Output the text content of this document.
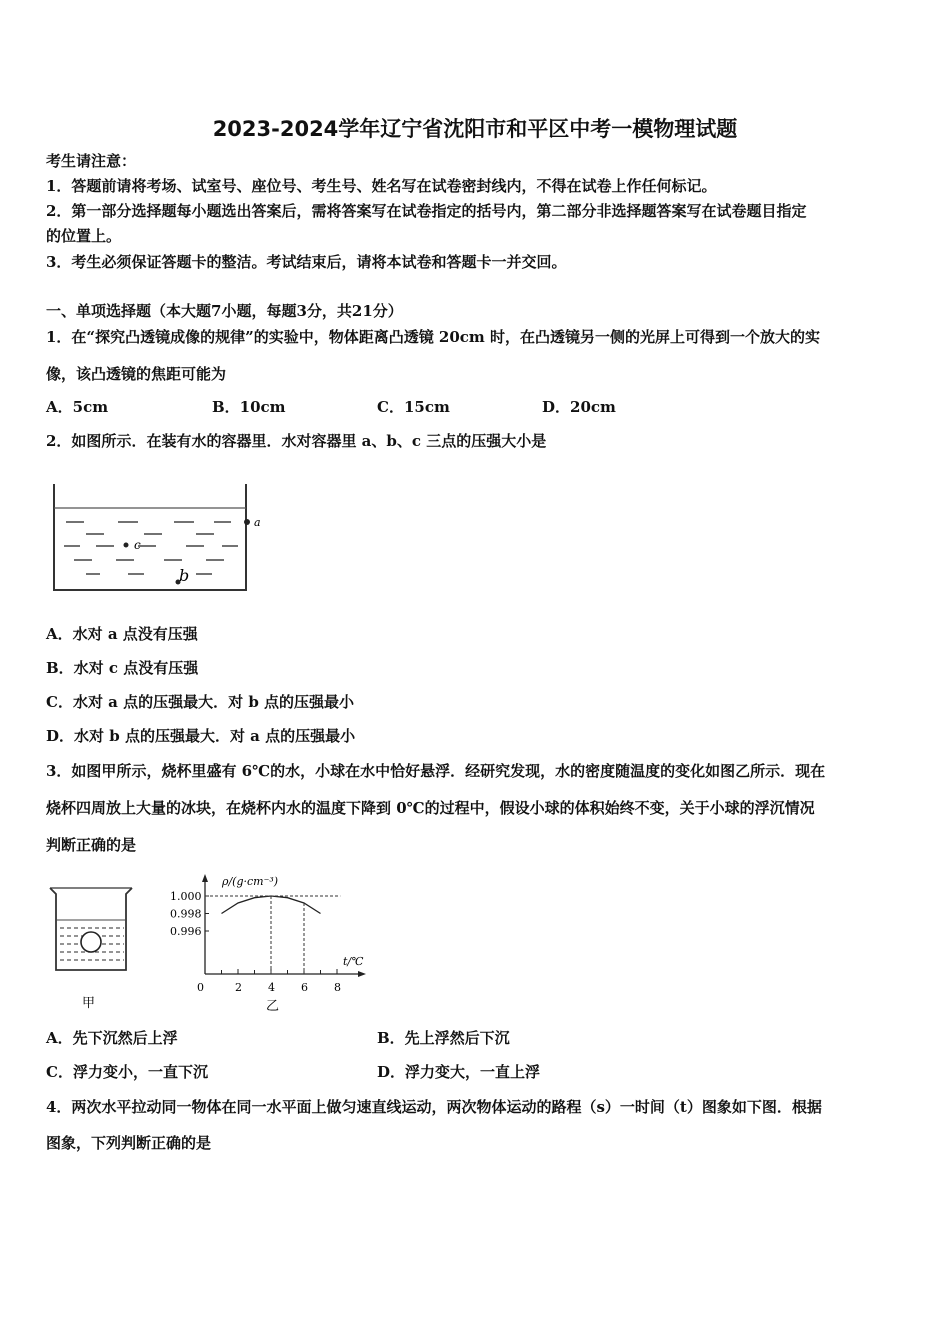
2023-2024学年辽宁省沈阳市和平区中考一模物理试题
考生请注意：
1．答题前请将考场、试室号、座位号、考生号、姓名写在试卷密封线内，不得在试卷上作任何标记。
2．第一部分选择题每小题选出答案后，需将答案写在试卷指定的括号内，第二部分非选择题答案写在试卷题目指定
的位置上。
3．考生必须保证答题卡的整洁。考试结束后，请将本试卷和答题卡一并交回。
一、单项选择题（本大题7小题，每题3分，共21分）
1．在“探究凸透镜成像的规律”的实验中，物体距离凸透镜 20cm 时，在凸透镜另一侧的光屏上可得到一个放大的实
像，该凸透镜的焦距可能为
A．5cm	B．10cm	C．15cm	D．20cm
2．如图所示．在装有水的容器里．水对容器里 a、b、c 三点的压强大小是
c
b
a
A．水对 a 点没有压强
B．水对 c 点没有压强
C．水对 a 点的压强最大．对 b 点的压强最小
D．水对 b 点的压强最大．对 a 点的压强最小
3．如图甲所示，烧杯里盛有 6℃的水，小球在水中恰好悬浮．经研究发现，水的密度随温度的变化如图乙所示．现在
烧杯四周放上大量的冰块，在烧杯内水的温度下降到 0℃的过程中，假设小球的体积始终不变，关于小球的浮沉情况
判断正确的是
甲
ρ/(g·cm⁻³)
t/℃
0	2 4 6 8
1.000
0.998
0.996
乙
A．先下沉然后上浮	B．先上浮然后下沉
C．浮力变小，一直下沉	D．浮力变大，一直上浮
4．两次水平拉动同一物体在同一水平面上做匀速直线运动，两次物体运动的路程（s）一时间（t）图象如下图．根据
图象，下列判断正确的是
